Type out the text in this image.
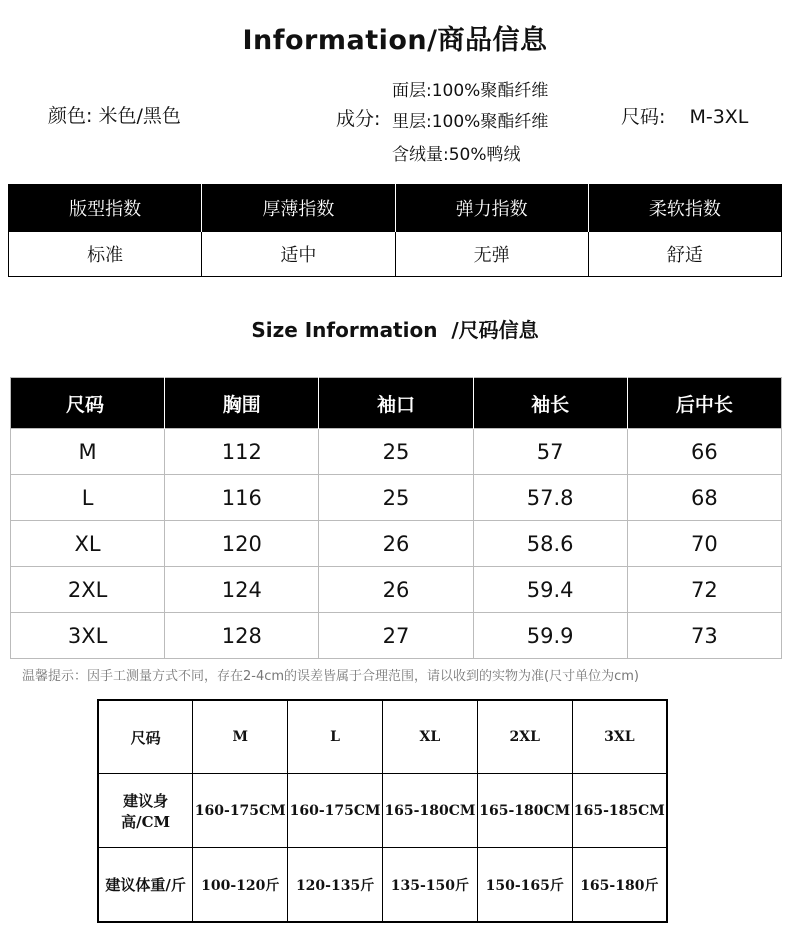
Information/商品信息
颜色: 米色/黑色	成分:
面层:100%聚酯纤维
里层:100%聚酯纤维
含绒量:50%鸭绒
尺码: M-3XL
版型指数	厚薄指数	弹力指数	柔软指数
标准	适中	无弹	舒适
Size Information  /尺码信息
尺码	胸围	袖口	袖长	后中长
M	112	25	57	66
L	116	25	57.8	68
XL	120	26	58.6	70
2XL	124	26	59.4	72
3XL	128	27	59.9	73
温馨提示：因手工测量方式不同，存在2-4cm的误差皆属于合理范围，请以收到的实物为准(尺寸单位为cm)
尺码	M	L	XL	2XL	3XL
建议身高/CM	160-175CM	160-175CM	165-180CM	165-180CM	165-185CM
建议体重/斤	100-120斤	120-135斤	135-150斤	150-165斤	165-180斤
